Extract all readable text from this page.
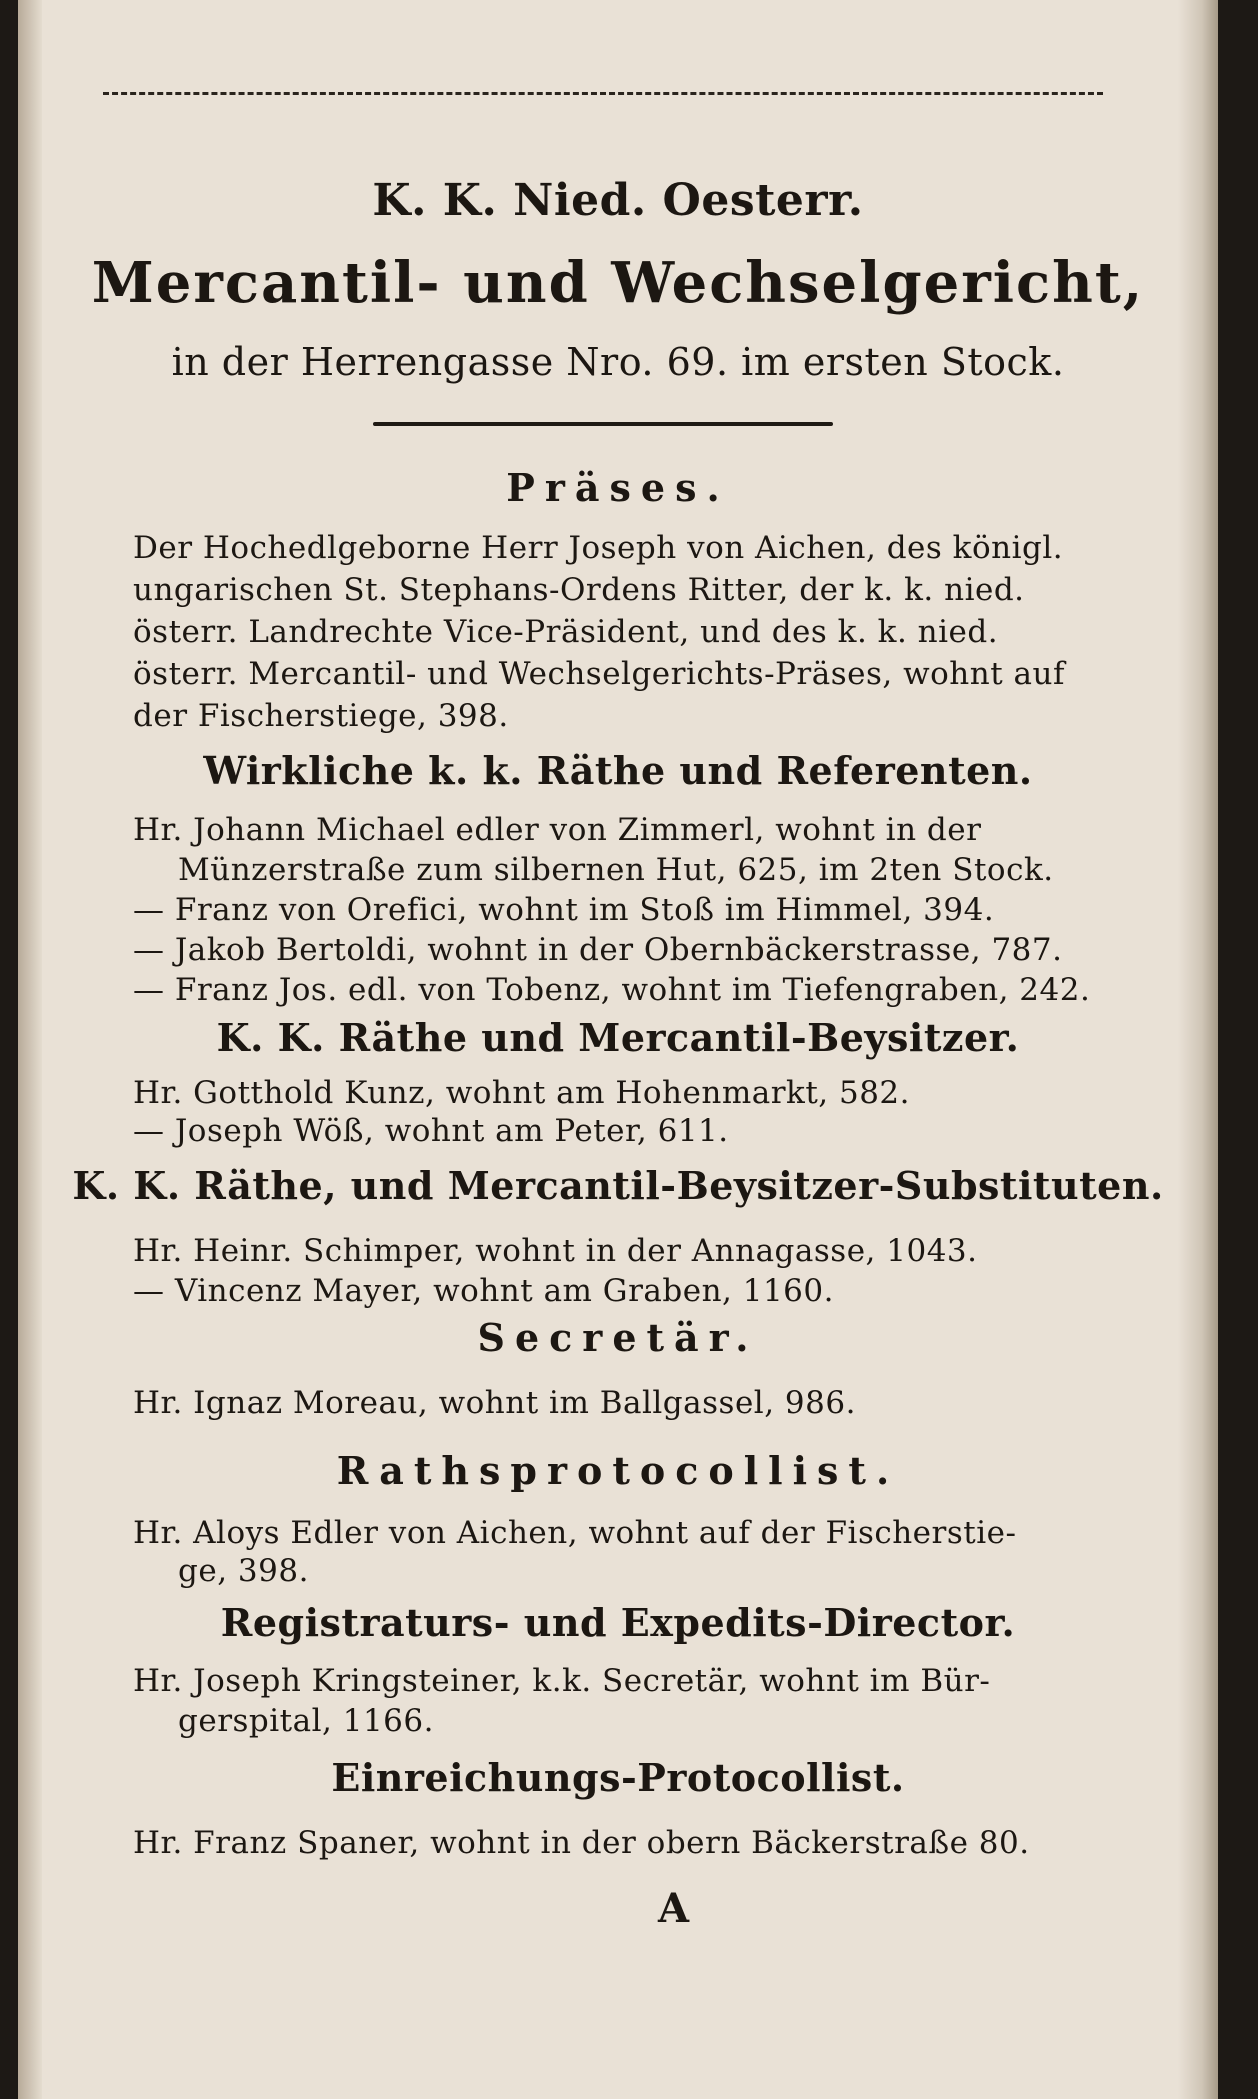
K. K. Nied. Oesterr.
Mercantil- und Wechselgericht,
in der Herrengasse Nro. 69. im ersten Stock.
Präses.
Der Hochedlgeborne Herr Joseph von Aichen, des königl.
ungarischen St. Stephans-Ordens Ritter, der k. k. nied.
österr. Landrechte Vice-Präsident, und des k. k. nied.
österr. Mercantil- und Wechselgerichts-Präses, wohnt auf
der Fischerstiege, 398.
Wirkliche k. k. Räthe und Referenten.
Hr. Johann Michael edler von Zimmerl, wohnt in der
Münzerstraße zum silbernen Hut, 625, im 2ten Stock.
— Franz von Orefici, wohnt im Stoß im Himmel, 394.
— Jakob Bertoldi, wohnt in der Obernbäckerstrasse, 787.
— Franz Jos. edl. von Tobenz, wohnt im Tiefengraben, 242.
K. K. Räthe und Mercantil-Beysitzer.
Hr. Gotthold Kunz, wohnt am Hohenmarkt, 582.
— Joseph Wöß, wohnt am Peter, 611.
K. K. Räthe, und Mercantil-Beysitzer-Substituten.
Hr. Heinr. Schimper, wohnt in der Annagasse, 1043.
— Vincenz Mayer, wohnt am Graben, 1160.
Secretär.
Hr. Ignaz Moreau, wohnt im Ballgassel, 986.
Rathsprotocollist.
Hr. Aloys Edler von Aichen, wohnt auf der Fischerstie-
ge, 398.
Registraturs- und Expedits-Director.
Hr. Joseph Kringsteiner, k.k. Secretär, wohnt im Bür-
gerspital, 1166.
Einreichungs-Protocollist.
Hr. Franz Spaner, wohnt in der obern Bäckerstraße 80.
A
